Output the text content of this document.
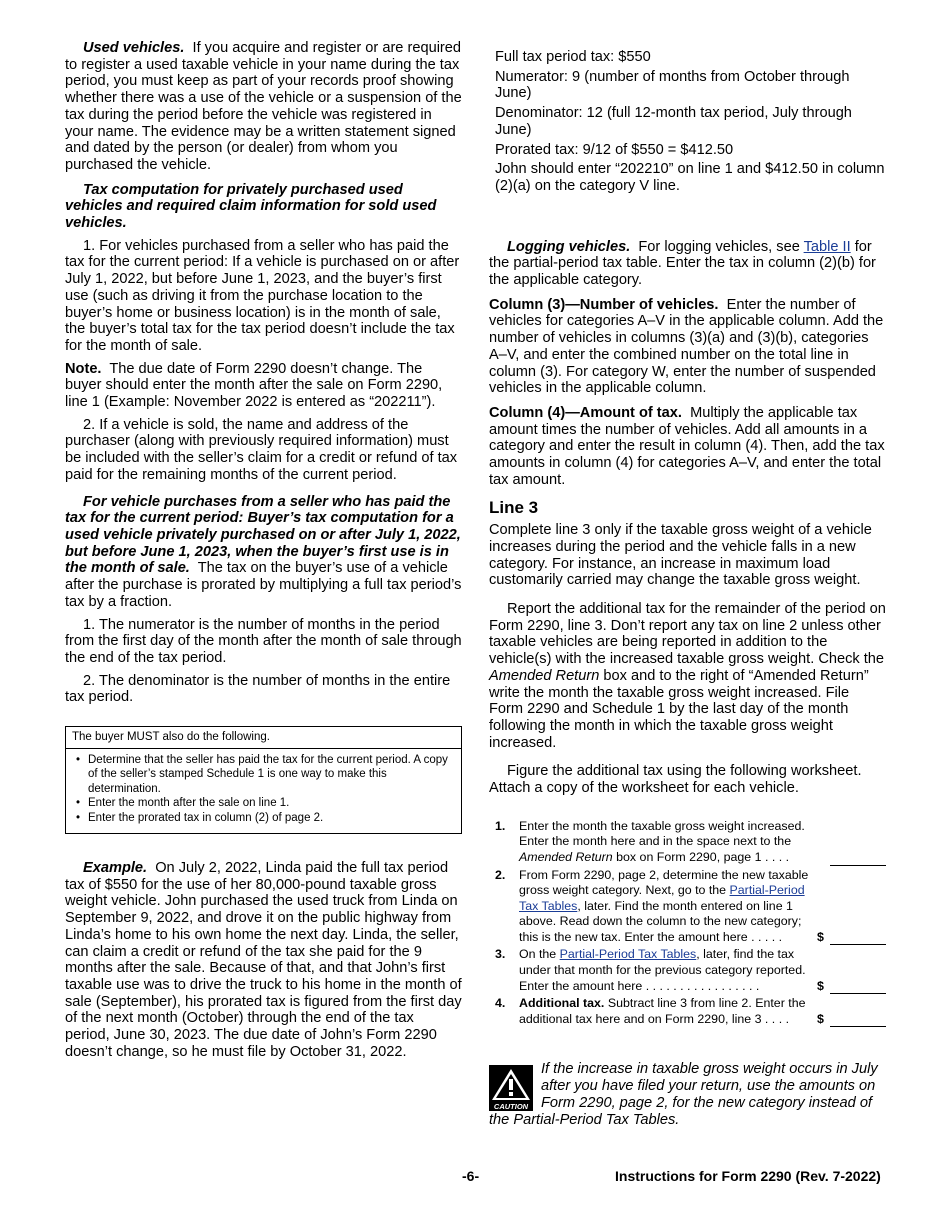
Used vehicles. If you acquire and register or are required to register a used taxable vehicle in your name during the tax period, you must keep as part of your records proof showing whether there was a use of the vehicle or a suspension of the tax during the period before the vehicle was registered in your name. The evidence may be a written statement signed and dated by the person (or dealer) from whom you purchased the vehicle.

Tax computation for privately purchased used vehicles and required claim information for sold used vehicles.

1. For vehicles purchased from a seller who has paid the tax for the current period: If a vehicle is purchased on or after July 1, 2022, but before June 1, 2023, and the buyer’s first use (such as driving it from the purchase location to the buyer’s home or business location) is in the month of sale, the buyer’s total tax for the tax period doesn’t include the tax for the month of sale.

Note. The due date of Form 2290 doesn’t change. The buyer should enter the month after the sale on Form 2290, line 1 (Example: November 2022 is entered as “202211”).

2. If a vehicle is sold, the name and address of the purchaser (along with previously required information) must be included with the seller’s claim for a credit or refund of tax paid for the remaining months of the current period.

For vehicle purchases from a seller who has paid the tax for the current period: Buyer’s tax computation for a used vehicle privately purchased on or after July 1, 2022, but before June 1, 2023, when the buyer’s first use is in the month of sale. The tax on the buyer’s use of a vehicle after the purchase is prorated by multiplying a full tax period’s tax by a fraction.

1. The numerator is the number of months in the period from the first day of the month after the month of sale through the end of the tax period.

2. The denominator is the number of months in the entire tax period.

The buyer MUST also do the following.
• Determine that the seller has paid the tax for the current period. A copy of the seller’s stamped Schedule 1 is one way to make this determination.
• Enter the month after the sale on line 1.
• Enter the prorated tax in column (2) of page 2.

Example. On July 2, 2022, Linda paid the full tax period tax of $550 for the use of her 80,000-pound taxable gross weight vehicle. John purchased the used truck from Linda on September 9, 2022, and drove it on the public highway from Linda’s home to his own home the next day. Linda, the seller, can claim a credit or refund of the tax she paid for the 9 months after the sale. Because of that, and that John’s first taxable use was to drive the truck to his home in the month of sale (September), his prorated tax is figured from the first day of the next month (October) through the end of the tax period, June 30, 2023. The due date of John’s Form 2290 doesn’t change, so he must file by October 31, 2022.

Full tax period tax: $550

Numerator: 9 (number of months from October through June)

Denominator: 12 (full 12-month tax period, July through June)

Prorated tax: 9/12 of $550 = $412.50

John should enter “202210” on line 1 and $412.50 in column (2)(a) on the category V line.

Logging vehicles. For logging vehicles, see Table II for the partial-period tax table. Enter the tax in column (2)(b) for the applicable category.

Column (3)—Number of vehicles. Enter the number of vehicles for categories A–V in the applicable column. Add the number of vehicles in columns (3)(a) and (3)(b), categories A–V, and enter the combined number on the total line in column (3). For category W, enter the number of suspended vehicles in the applicable column.

Column (4)—Amount of tax. Multiply the applicable tax amount times the number of vehicles. Add all amounts in a category and enter the result in column (4). Then, add the tax amounts in column (4) for categories A–V, and enter the total tax amount.

Line 3

Complete line 3 only if the taxable gross weight of a vehicle increases during the period and the vehicle falls in a new category. For instance, an increase in maximum load customarily carried may change the taxable gross weight.

Report the additional tax for the remainder of the period on Form 2290, line 3. Don’t report any tax on line 2 unless other taxable vehicles are being reported in addition to the vehicle(s) with the increased taxable gross weight. Check the Amended Return box and to the right of “Amended Return” write the month the taxable gross weight increased. File Form 2290 and Schedule 1 by the last day of the month following the month in which the taxable gross weight increased.

Figure the additional tax using the following worksheet. Attach a copy of the worksheet for each vehicle.

1.	Enter the month the taxable gross weight increased. Enter the month here and in the space next to the Amended Return box on Form 2290, page 1 . . . .
2.	From Form 2290, page 2, determine the new taxable gross weight category. Next, go to the Partial-Period Tax Tables, later. Find the month entered on line 1 above. Read down the column to the new category; this is the new tax. Enter the amount here . . . . .	$
3.	On the Partial-Period Tax Tables, later, find the tax under that month for the previous category reported. Enter the amount here . . . . . . . . . . . . . . . . .	$
4.	Additional tax. Subtract line 3 from line 2. Enter the additional tax here and on Form 2290, line 3 . . . .	$
CAUTION
If the increase in taxable gross weight occurs in July after you have filed your return, use the amounts on Form 2290, page 2, for the new category instead of the Partial-Period Tax Tables.
-6-	Instructions for Form 2290 (Rev. 7-2022)
